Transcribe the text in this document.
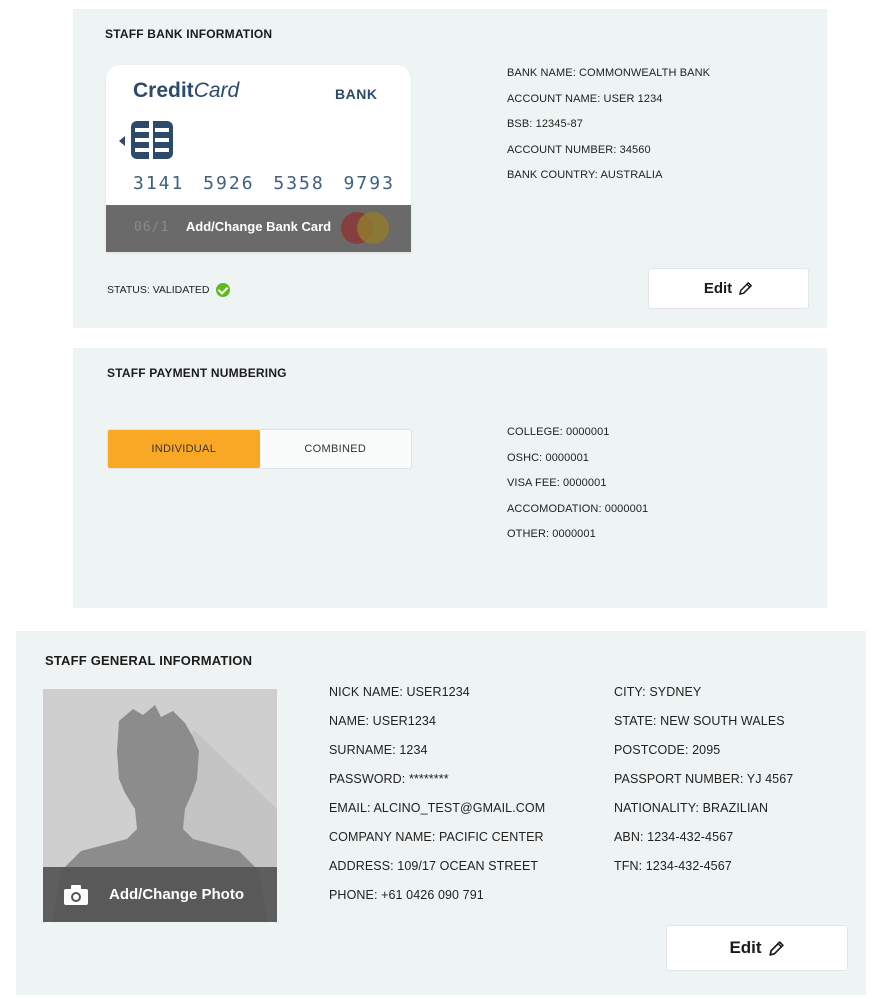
STAFF BANK INFORMATION
CreditCard	BANK
3141 5926 5358 9793
06/1	Add/Change Bank Card
BANK NAME: COMMONWEALTH BANK
ACCOUNT NAME: USER 1234
BSB: 12345-87
ACCOUNT NUMBER: 34560
BANK COUNTRY: AUSTRALIA
STATUS: VALIDATED	Edit
STAFF PAYMENT NUMBERING
INDIVIDUAL	COMBINED
COLLEGE: 0000001
OSHC: 0000001
VISA FEE: 0000001
ACCOMODATION: 0000001
OTHER: 0000001
STAFF GENERAL INFORMATION
Add/Change Photo
NICK NAME: USER1234
NAME: USER1234
SURNAME: 1234
PASSWORD: ********
EMAIL: ALCINO_TEST@GMAIL.COM
COMPANY NAME: PACIFIC CENTER
ADDRESS: 109/17 OCEAN STREET
PHONE: +61 0426 090 791
CITY: SYDNEY
STATE: NEW SOUTH WALES
POSTCODE: 2095
PASSPORT NUMBER: YJ 4567
NATIONALITY: BRAZILIAN
ABN: 1234-432-4567
TFN: 1234-432-4567
Edit
